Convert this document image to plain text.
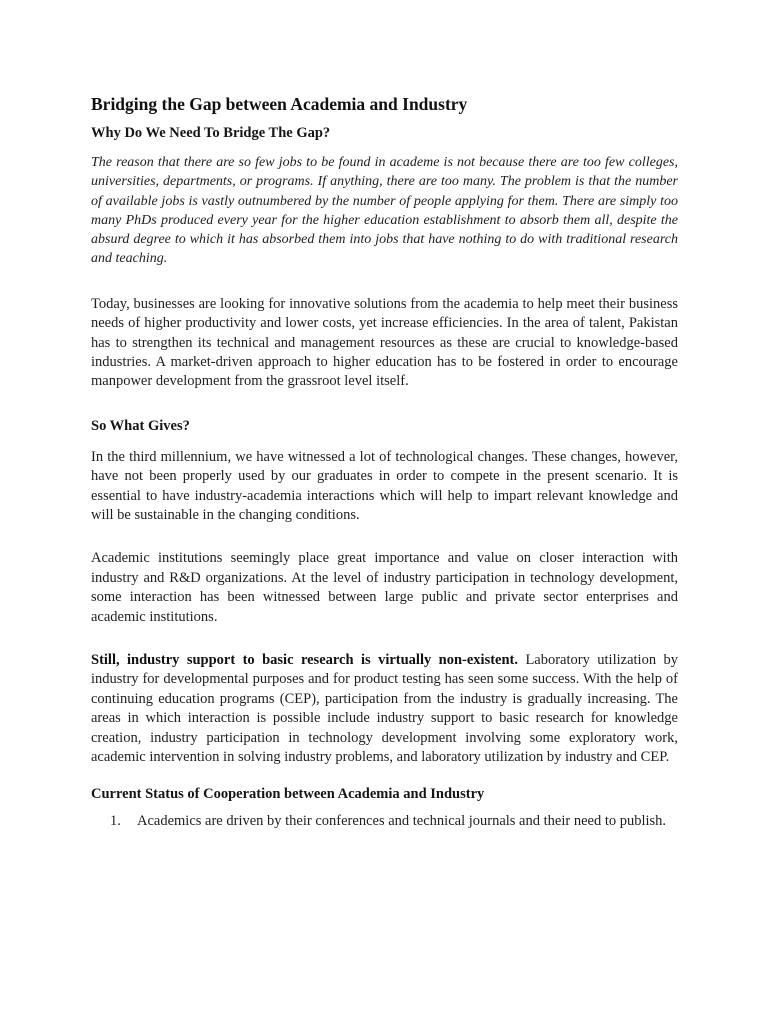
Bridging the Gap between Academia and Industry
Why Do We Need To Bridge The Gap?

The reason that there are so few jobs to be found in academe is not because there are too few colleges, universities, departments, or programs. If anything, there are too many. The problem is that the number of available jobs is vastly outnumbered by the number of people applying for them. There are simply too many PhDs produced every year for the higher education establishment to absorb them all, despite the absurd degree to which it has absorbed them into jobs that have nothing to do with traditional research and teaching.

Today, businesses are looking for innovative solutions from the academia to help meet their business needs of higher productivity and lower costs, yet increase efficiencies. In the area of talent, Pakistan has to strengthen its technical and management resources as these are crucial to knowledge-based industries. A market-driven approach to higher education has to be fostered in order to encourage manpower development from the grassroot level itself.

So What Gives?

In the third millennium, we have witnessed a lot of technological changes. These changes, however, have not been properly used by our graduates in order to compete in the present scenario. It is essential to have industry-academia interactions which will help to impart relevant knowledge and will be sustainable in the changing conditions.

Academic institutions seemingly place great importance and value on closer interaction with industry and R&D organizations. At the level of industry participation in technology development, some interaction has been witnessed between large public and private sector enterprises and academic institutions.

Still, industry support to basic research is virtually non-existent. Laboratory utilization by industry for developmental purposes and for product testing has seen some success. With the help of continuing education programs (CEP), participation from the industry is gradually increasing. The areas in which interaction is possible include industry support to basic research for knowledge creation, industry participation in technology development involving some exploratory work, academic intervention in solving industry problems, and laboratory utilization by industry and CEP.

Current Status of Cooperation between Academia and Industry
1. Academics are driven by their conferences and technical journals and their need to publish.
